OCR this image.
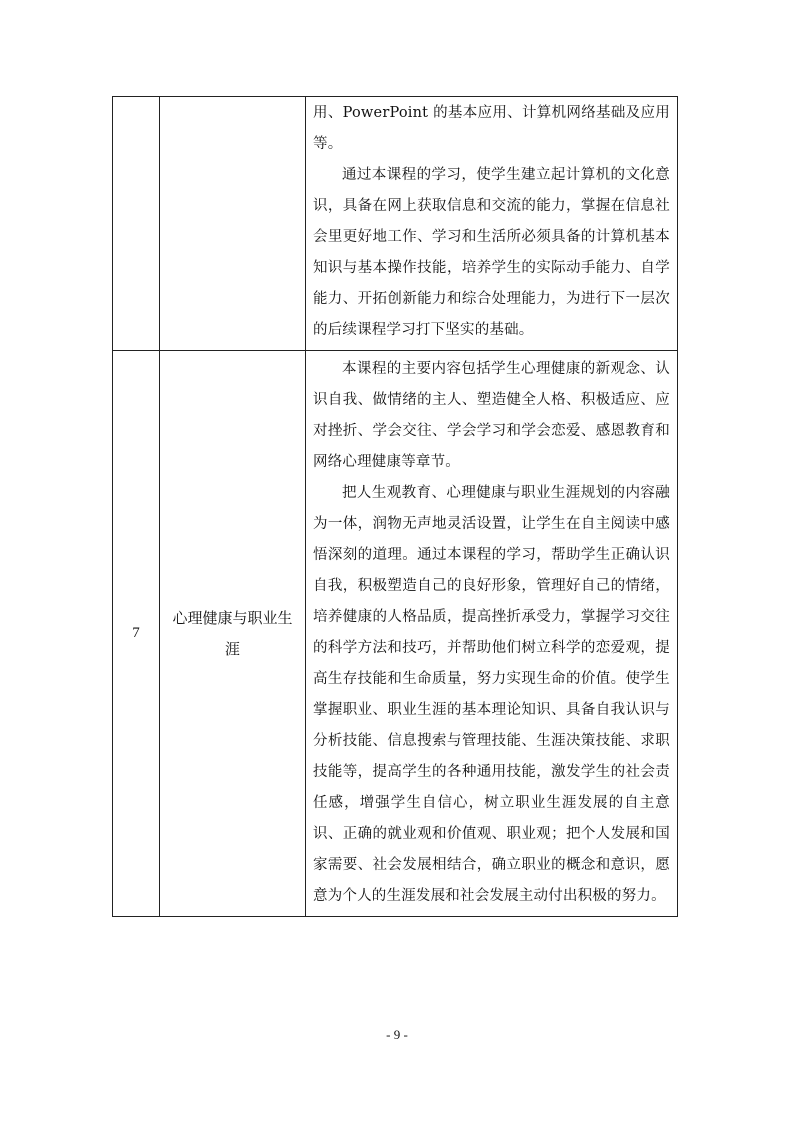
		用、PowerPoint 的基本应用、计算机网络基础及应用等。

通过本课程的学习，使学生建立起计算机的文化意识，具备在网上获取信息和交流的能力，掌握在信息社会里更好地工作、学习和生活所必须具备的计算机基本知识与基本操作技能，培养学生的实际动手能力、自学能力、开拓创新能力和综合处理能力，为进行下一层次的后续课程学习打下坚实的基础。

7	心理健康与职业生涯	本课程的主要内容包括学生心理健康的新观念、认识自我、做情绪的主人、塑造健全人格、积极适应、应对挫折、学会交往、学会学习和学会恋爱、感恩教育和网络心理健康等章节。

把人生观教育、心理健康与职业生涯规划的内容融为一体，润物无声地灵活设置，让学生在自主阅读中感悟深刻的道理。通过本课程的学习，帮助学生正确认识自我，积极塑造自己的良好形象，管理好自己的情绪，培养健康的人格品质，提高挫折承受力，掌握学习交往的科学方法和技巧，并帮助他们树立科学的恋爱观，提高生存技能和生命质量，努力实现生命的价值。使学生掌握职业、职业生涯的基本理论知识、具备自我认识与分析技能、信息搜索与管理技能、生涯决策技能、求职技能等，提高学生的各种通用技能，激发学生的社会责任感，增强学生自信心，树立职业生涯发展的自主意识、正确的就业观和价值观、职业观；把个人发展和国家需要、社会发展相结合，确立职业的概念和意识，愿意为个人的生涯发展和社会发展主动付出积极的努力。

- 9 -
